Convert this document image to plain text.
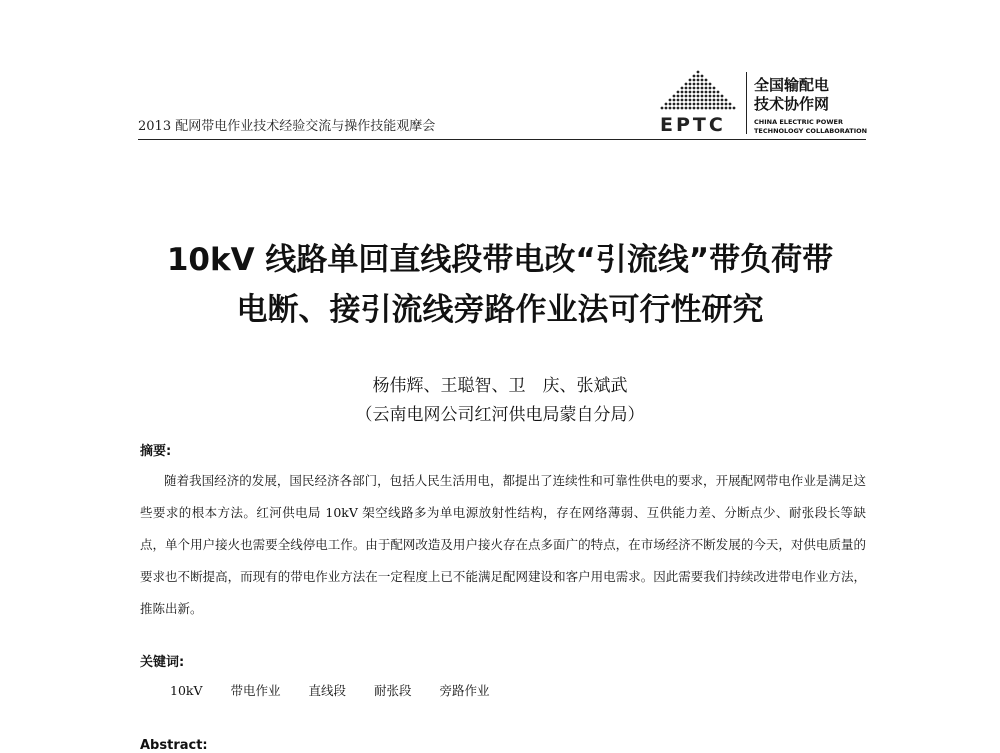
2013 配网带电作业技术经验交流与操作技能观摩会	EPTC
全国输配电
技术协作网
CHINA ELECTRIC POWER
TECHNOLOGY COLLABORATION
10kV 线路单回直线段带电改“引流线”带负荷带
电断、接引流线旁路作业法可行性研究
杨伟辉、王聪智、卫　庆、张斌武
（云南电网公司红河供电局蒙自分局）
摘要:
随着我国经济的发展，国民经济各部门，包括人民生活用电，都提出了连续性和可靠性供电的要求，开展配网带电作业是满足这些要求的根本方法。红河供电局 10kV 架空线路多为单电源放射性结构，存在网络薄弱、互供能力差、分断点少、耐张段长等缺点，单个用户接火也需要全线停电工作。由于配网改造及用户接火存在点多面广的特点，在市场经济不断发展的今天，对供电质量的要求也不断提高，而现有的带电作业方法在一定程度上已不能满足配网建设和客户用电需求。因此需要我们持续改进带电作业方法，推陈出新。
关键词:
10kV 带电作业 直线段 耐张段 旁路作业
Abstract:
